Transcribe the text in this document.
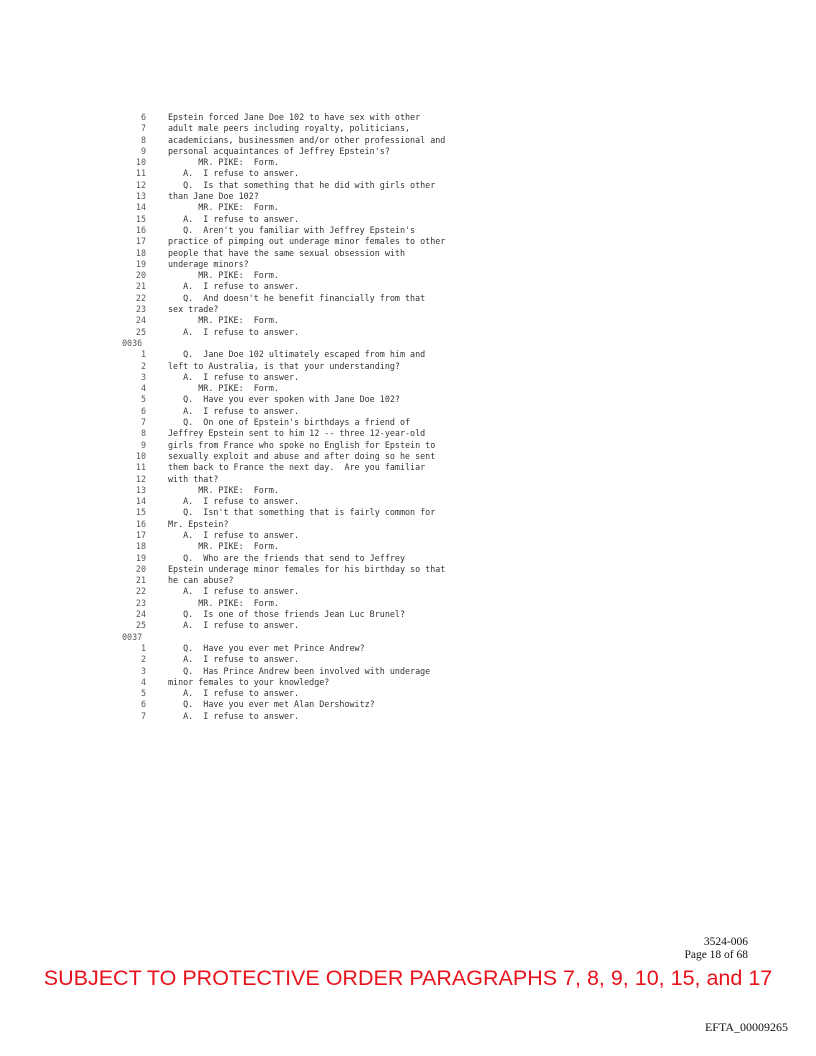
6	Epstein forced Jane Doe 102 to have sex with other
7	adult male peers including royalty, politicians,
8	academicians, businessmen and/or other professional and
9	personal acquaintances of Jeffrey Epstein's?
10	MR. PIKE:  Form.
11	A.  I refuse to answer.
12	Q.  Is that something that he did with girls other
13	than Jane Doe 102?
14	MR. PIKE:  Form.
15	A.  I refuse to answer.
16	Q.  Aren't you familiar with Jeffrey Epstein's
17	practice of pimping out underage minor females to other
18	people that have the same sexual obsession with
19	underage minors?
20	MR. PIKE:  Form.
21	A.  I refuse to answer.
22	Q.  And doesn't he benefit financially from that
23	sex trade?
24	MR. PIKE:  Form.
25	A.  I refuse to answer.
0036
1	Q.  Jane Doe 102 ultimately escaped from him and
2	left to Australia, is that your understanding?
3	A.  I refuse to answer.
4	MR. PIKE:  Form.
5	Q.  Have you ever spoken with Jane Doe 102?
6	A.  I refuse to answer.
7	Q.  On one of Epstein's birthdays a friend of
8	Jeffrey Epstein sent to him 12 -- three 12-year-old
9	girls from France who spoke no English for Epstein to
10	sexually exploit and abuse and after doing so he sent
11	them back to France the next day.  Are you familiar
12	with that?
13	MR. PIKE:  Form.
14	A.  I refuse to answer.
15	Q.  Isn't that something that is fairly common for
16	Mr. Epstein?
17	A.  I refuse to answer.
18	MR. PIKE:  Form.
19	Q.  Who are the friends that send to Jeffrey
20	Epstein underage minor females for his birthday so that
21	he can abuse?
22	A.  I refuse to answer.
23	MR. PIKE:  Form.
24	Q.  Is one of those friends Jean Luc Brunel?
25	A.  I refuse to answer.
0037
1	Q.  Have you ever met Prince Andrew?
2	A.  I refuse to answer.
3	Q.  Has Prince Andrew been involved with underage
4	minor females to your knowledge?
5	A.  I refuse to answer.
6	Q.  Have you ever met Alan Dershowitz?
7	A.  I refuse to answer.
3524-006
Page 18 of 68
SUBJECT TO PROTECTIVE ORDER PARAGRAPHS 7, 8, 9, 10, 15, and 17
EFTA_00009265
